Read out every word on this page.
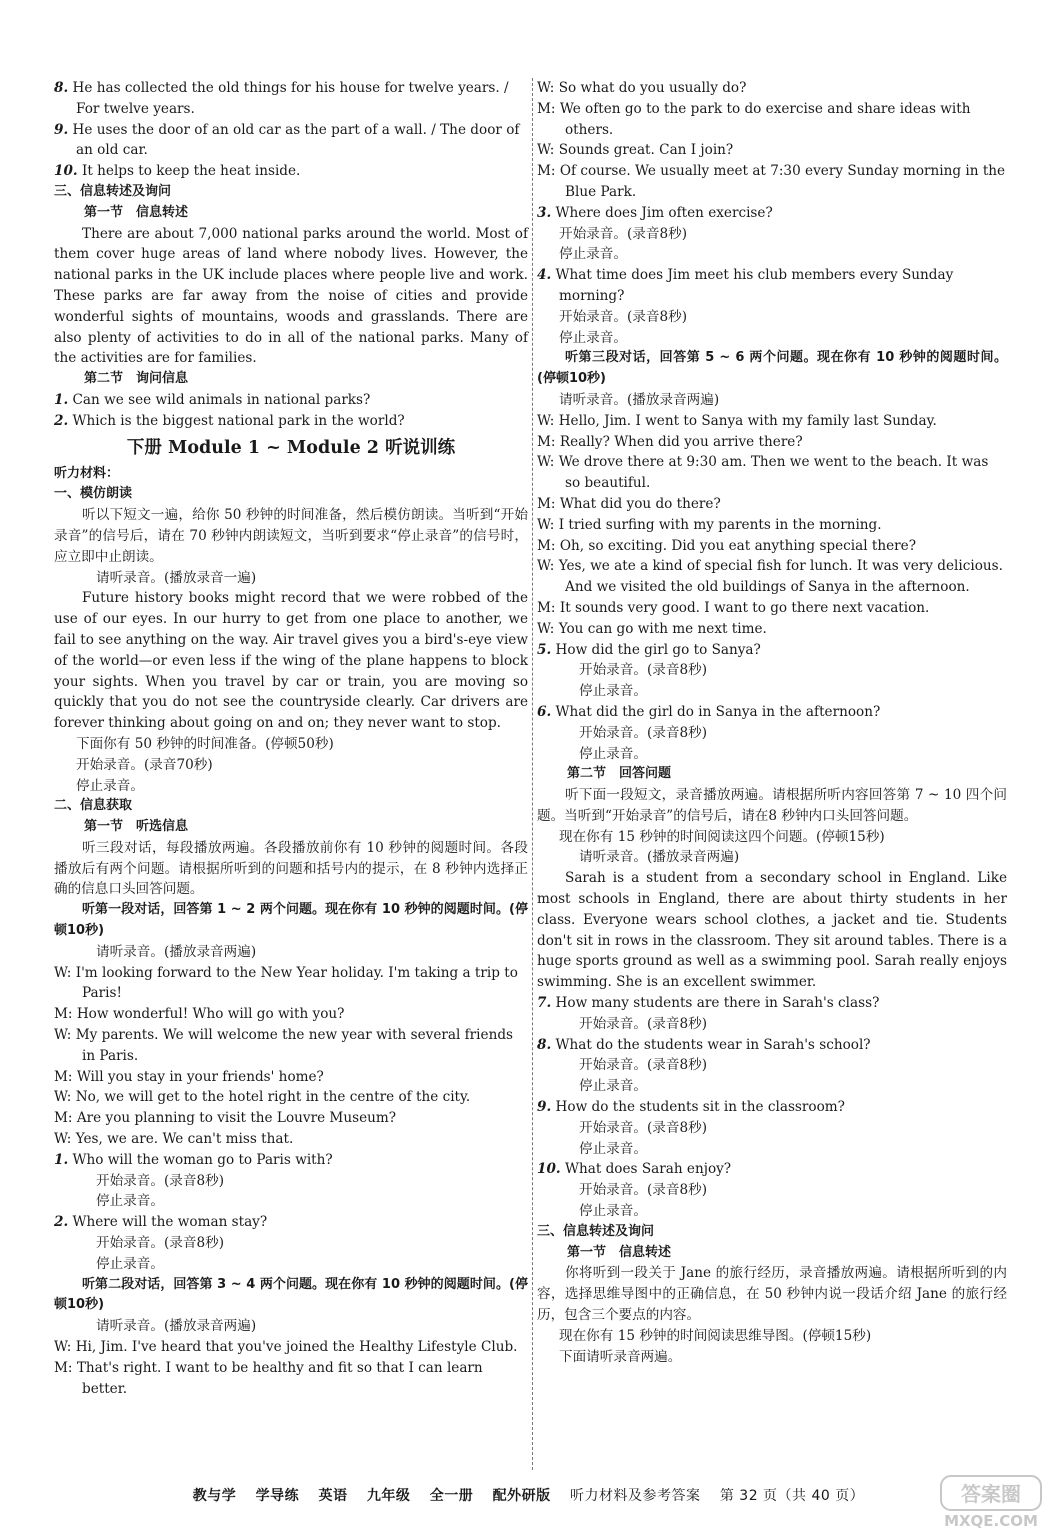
8. He has collected the old things for his house for twelve years. / For twelve years.

9. He uses the door of an old car as the part of a wall. / The door of an old car.

10. It helps to keep the heat inside.

三、信息转述及询问

第一节　信息转述

There are about 7,000 national parks around the world. Most of them cover huge areas of land where nobody lives. However, the national parks in the UK include places where people live and work. These parks are far away from the noise of cities and provide wonderful sights of mountains, woods and grasslands. There are also plenty of activities to do in all of the national parks. Many of the activities are for families.

第二节　询问信息

1. Can we see wild animals in national parks?

2. Which is the biggest national park in the world?

下册 Module 1 ~ Module 2 听说训练

听力材料：

一、模仿朗读

听以下短文一遍，给你 50 秒钟的时间准备，然后模仿朗读。当听到“开始录音”的信号后，请在 70 秒钟内朗读短文，当听到要求“停止录音”的信号时，应立即中止朗读。

请听录音。(播放录音一遍)

Future history books might record that we were robbed of the use of our eyes. In our hurry to get from one place to another, we fail to see anything on the way. Air travel gives you a bird's-eye view of the world—or even less if the wing of the plane happens to block your sights. When you travel by car or train, you are moving so quickly that you do not see the countryside clearly. Car drivers are forever thinking about going on and on; they never want to stop.

下面你有 50 秒钟的时间准备。(停顿50秒)

开始录音。(录音70秒)

停止录音。

二、信息获取

第一节　听选信息

听三段对话，每段播放两遍。各段播放前你有 10 秒钟的阅题时间。各段播放后有两个问题。请根据所听到的问题和括号内的提示，在 8 秒钟内选择正确的信息口头回答问题。

听第一段对话，回答第 1 ~ 2 两个问题。现在你有 10 秒钟的阅题时间。(停顿10秒)

请听录音。(播放录音两遍)

W: I'm looking forward to the New Year holiday. I'm taking a trip to Paris!

M: How wonderful! Who will go with you?

W: My parents. We will welcome the new year with several friends in Paris.

M: Will you stay in your friends' home?

W: No, we will get to the hotel right in the centre of the city.

M: Are you planning to visit the Louvre Museum?

W: Yes, we are. We can't miss that.

1. Who will the woman go to Paris with?

开始录音。(录音8秒)

停止录音。

2. Where will the woman stay?

开始录音。(录音8秒)

停止录音。

听第二段对话，回答第 3 ~ 4 两个问题。现在你有 10 秒钟的阅题时间。(停顿10秒)

请听录音。(播放录音两遍)

W: Hi, Jim. I've heard that you've joined the Healthy Lifestyle Club.

M: That's right. I want to be healthy and fit so that I can learn better.

W: So what do you usually do?

M: We often go to the park to do exercise and share ideas with others.

W: Sounds great. Can I join?

M: Of course. We usually meet at 7:30 every Sunday morning in the Blue Park.

3. Where does Jim often exercise?

开始录音。(录音8秒)

停止录音。

4. What time does Jim meet his club members every Sunday morning?

开始录音。(录音8秒)

停止录音。

听第三段对话，回答第 5 ~ 6 两个问题。现在你有 10 秒钟的阅题时间。(停顿10秒)

请听录音。(播放录音两遍)

W: Hello, Jim. I went to Sanya with my family last Sunday.

M: Really? When did you arrive there?

W: We drove there at 9:30 am. Then we went to the beach. It was so beautiful.

M: What did you do there?

W: I tried surfing with my parents in the morning.

M: Oh, so exciting. Did you eat anything special there?

W: Yes, we ate a kind of special fish for lunch. It was very delicious. And we visited the old buildings of Sanya in the afternoon.

M: It sounds very good. I want to go there next vacation.

W: You can go with me next time.

5. How did the girl go to Sanya?

开始录音。(录音8秒)

停止录音。

6. What did the girl do in Sanya in the afternoon?

开始录音。(录音8秒)

停止录音。

第二节　回答问题

听下面一段短文，录音播放两遍。请根据所听内容回答第 7 ~ 10 四个问题。当听到“开始录音”的信号后，请在8 秒钟内口头回答问题。

现在你有 15 秒钟的时间阅读这四个问题。(停顿15秒)

请听录音。(播放录音两遍)

Sarah is a student from a secondary school in England. Like most schools in England, there are about thirty students in her class. Everyone wears school clothes, a jacket and tie. Students don't sit in rows in the classroom. They sit around tables. There is a huge sports ground as well as a swimming pool. Sarah really enjoys swimming. She is an excellent swimmer.

7. How many students are there in Sarah's class?

开始录音。(录音8秒)

8. What do the students wear in Sarah's school?

开始录音。(录音8秒)

停止录音。

9. How do the students sit in the classroom?

开始录音。(录音8秒)

停止录音。

10. What does Sarah enjoy?

开始录音。(录音8秒)

停止录音。

三、信息转述及询问

第一节　信息转述

你将听到一段关于 Jane 的旅行经历，录音播放两遍。请根据所听到的内容，选择思维导图中的正确信息，在 50 秒钟内说一段话介绍 Jane 的旅行经历，包含三个要点的内容。

现在你有 15 秒钟的时间阅读思维导图。(停顿15秒)

下面请听录音两遍。

教与学 学导练 英语 九年级 全一册 配外研版 听力材料及参考答案 第 32 页（共 40 页）	答案圈
MXQE.COM
